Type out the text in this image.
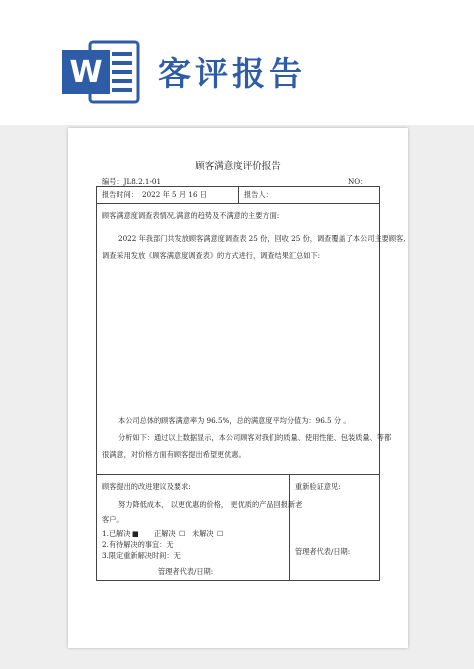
W 客评报告
顾客满意度评价报告
编号：JL8.2.1-01	NO：
报告时间： 2022 年 5 月 16 日	报告人：
顾客满意度调查表情况,满意的趋势及不满意的主要方面:
2022 年我部门共发放顾客满意度调查表 25 份，回收 25 份，调查覆盖了本公司主要顾客,
调查采用发放《顾客满意度调查表》的方式进行，调查结果汇总如下:
本公司总体的顾客满意率为 96.5%，总的满意度平均分值为：96.5 分 。
分析如下：通过以上数据显示，本公司顾客对我们的质量、使用性能、包装质量、等都
很满意，对价格方面有顾客提出希望更优惠。
顾客提出的改进建议及要求:
努力降低成本， 以更优惠的价格， 更优质的产品回报新老
客户。
1.已解决 ■ 正解决 ☐ 未解决 ☐
2.有待解决的事宜：无
3.限定重新解决时间：无
管理者代表/日期:
重新验证意见:
管理者代表/日期:
